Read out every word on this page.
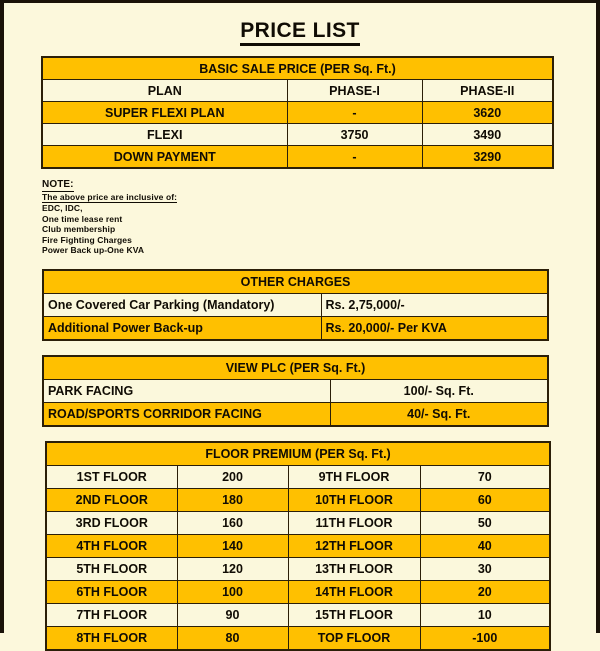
PRICE LIST
BASIC SALE PRICE (PER Sq. Ft.)		
PLAN	PHASE-I	PHASE-II
SUPER FLEXI PLAN	-	3620
FLEXI	3750	3490
DOWN PAYMENT	-	3290
NOTE:
The above price are inclusive of:
EDC, IDC,
One time lease rent
Club membership
Fire Fighting Charges
Power Back up-One KVA
OTHER CHARGES	
One Covered Car Parking (Mandatory)	Rs. 2,75,000/-
Additional Power Back-up	Rs. 20,000/- Per KVA
VIEW PLC (PER Sq. Ft.)	
PARK FACING	100/- Sq. Ft.
ROAD/SPORTS CORRIDOR FACING	40/- Sq. Ft.
FLOOR PREMIUM (PER Sq. Ft.)			
1ST FLOOR	200	9TH FLOOR	70
2ND FLOOR	180	10TH FLOOR	60
3RD FLOOR	160	11TH FLOOR	50
4TH FLOOR	140	12TH FLOOR	40
5TH FLOOR	120	13TH FLOOR	30
6TH FLOOR	100	14TH FLOOR	20
7TH FLOOR	90	15TH FLOOR	10
8TH FLOOR	80	TOP FLOOR	-100
